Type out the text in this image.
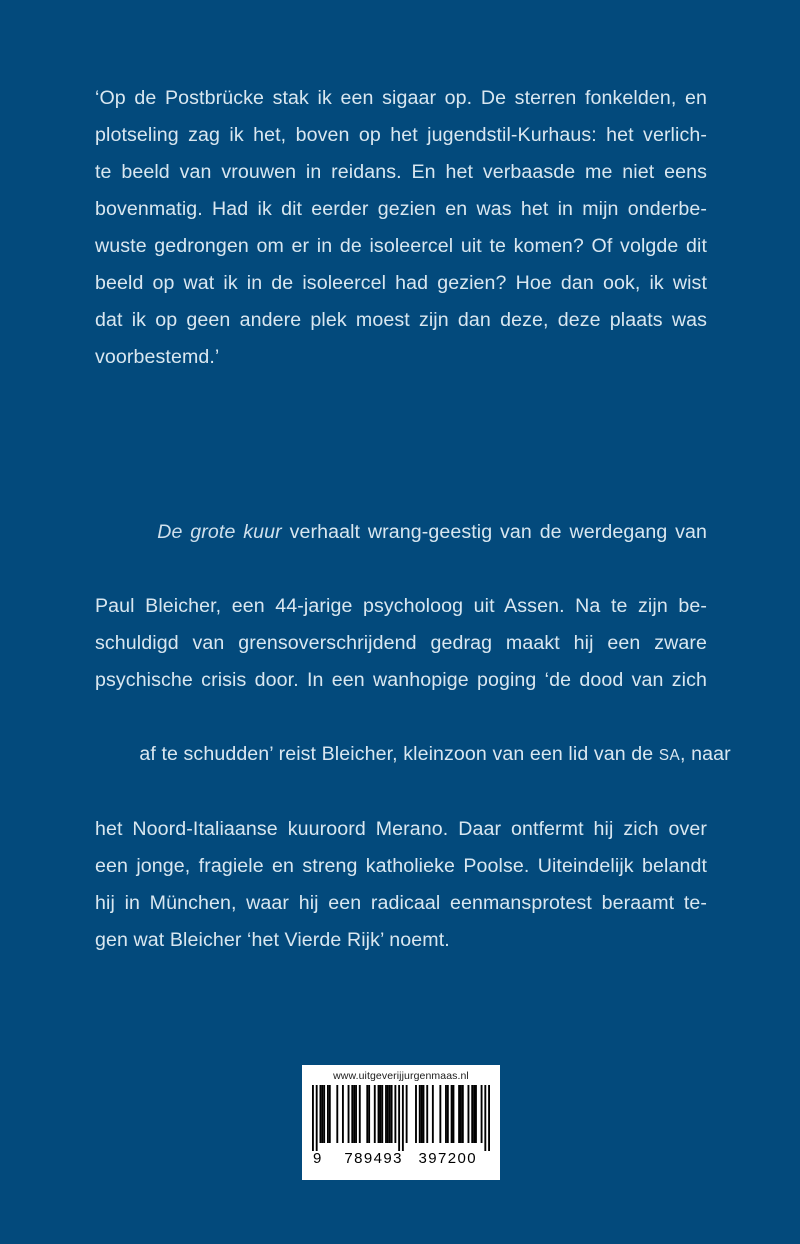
‘Op de Postbrücke stak ik een sigaar op. De sterren fonkelden, en
plotseling zag ik het, boven op het jugendstil-Kurhaus: het verlich-
te beeld van vrouwen in reidans. En het verbaasde me niet eens
bovenmatig. Had ik dit eerder gezien en was het in mijn onderbe-
wuste gedrongen om er in de isoleercel uit te komen? Of volgde dit
beeld op wat ik in de isoleercel had gezien? Hoe dan ook, ik wist
dat ik op geen andere plek moest zijn dan deze, deze plaats was
voorbestemd.’

De grote kuur verhaalt wrang-geestig van de werdegang van

Paul Bleicher, een 44-jarige psycholoog uit Assen. Na te zijn be-
schuldigd van grensoverschrijdend gedrag maakt hij een zware
psychische crisis door. In een wanhopige poging ‘de dood van zich

af te schudden’ reist Bleicher, kleinzoon van een lid van de SA, naar

het Noord-Italiaanse kuuroord Merano. Daar ontfermt hij zich over
een jonge, fragiele en streng katholieke Poolse. Uiteindelijk belandt
hij in München, waar hij een radicaal eenmansprotest beraamt te-
gen wat Bleicher ‘het Vierde Rijk’ noemt.

www.uitgeverijjurgenmaas.nl
9	789493 397200
